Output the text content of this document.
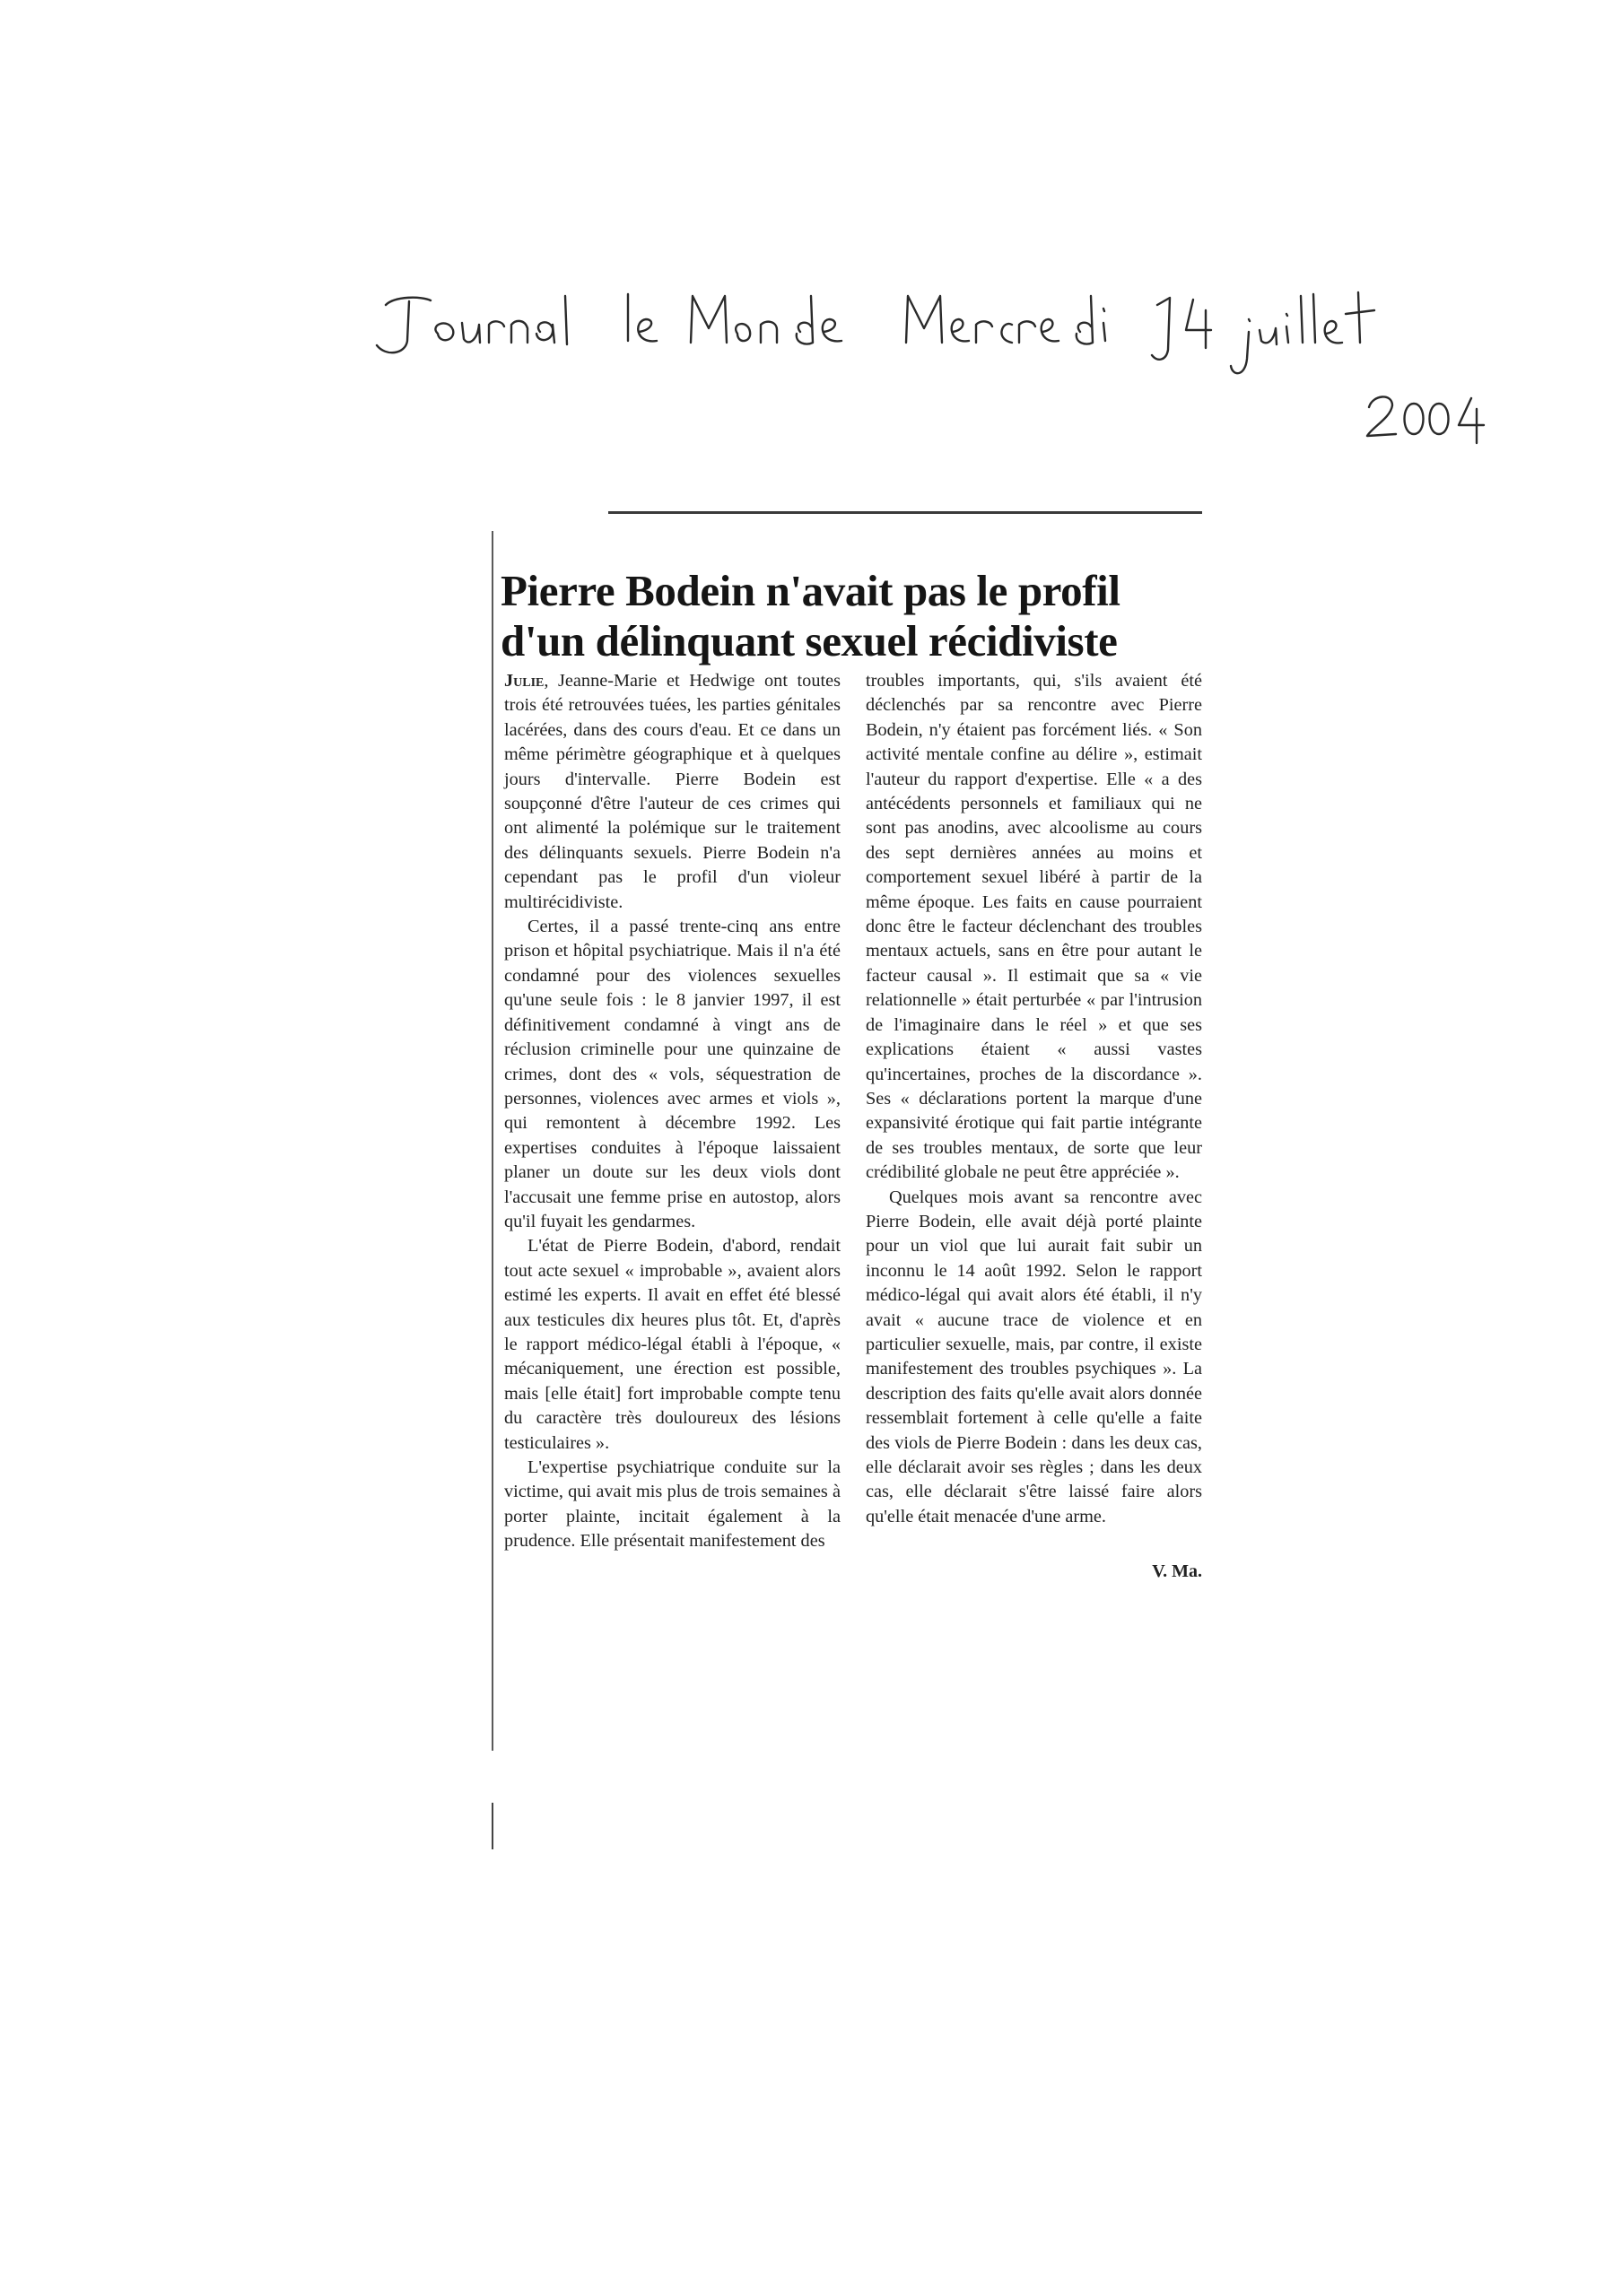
Pierre Bodein n'avait pas le profil d'un délinquant sexuel récidiviste

Julie, Jeanne-Marie et Hedwige ont toutes trois été retrouvées tuées, les parties génitales lacérées, dans des cours d'eau. Et ce dans un même périmètre géographique et à quelques jours d'intervalle. Pierre Bodein est soupçonné d'être l'auteur de ces crimes qui ont alimenté la polémique sur le traitement des délinquants sexuels. Pierre Bodein n'a cependant pas le profil d'un violeur multirécidiviste.

Certes, il a passé trente-cinq ans entre prison et hôpital psychiatrique. Mais il n'a été condamné pour des violences sexuelles qu'une seule fois : le 8 janvier 1997, il est définitivement condamné à vingt ans de réclusion criminelle pour une quinzaine de crimes, dont des « vols, séquestration de personnes, violences avec armes et viols », qui remontent à décembre 1992. Les expertises conduites à l'époque laissaient planer un doute sur les deux viols dont l'accusait une femme prise en autostop, alors qu'il fuyait les gendarmes.

L'état de Pierre Bodein, d'abord, rendait tout acte sexuel « improbable », avaient alors estimé les experts. Il avait en effet été blessé aux testicules dix heures plus tôt. Et, d'après le rapport médico-légal établi à l'époque, « mécaniquement, une érection est possible, mais [elle était] fort improbable compte tenu du caractère très douloureux des lésions testiculaires ».

L'expertise psychiatrique conduite sur la victime, qui avait mis plus de trois semaines à porter plainte, incitait également à la prudence. Elle présentait manifestement des

troubles importants, qui, s'ils avaient été déclenchés par sa rencontre avec Pierre Bodein, n'y étaient pas forcément liés. « Son activité mentale confine au délire », estimait l'auteur du rapport d'expertise. Elle « a des antécédents personnels et familiaux qui ne sont pas anodins, avec alcoolisme au cours des sept dernières années au moins et comportement sexuel libéré à partir de la même époque. Les faits en cause pourraient donc être le facteur déclenchant des troubles mentaux actuels, sans en être pour autant le facteur causal ». Il estimait que sa « vie relationnelle » était perturbée « par l'intrusion de l'imaginaire dans le réel » et que ses explications étaient « aussi vastes qu'incertaines, proches de la discordance ». Ses « déclarations portent la marque d'une expansivité érotique qui fait partie intégrante de ses troubles mentaux, de sorte que leur crédibilité globale ne peut être appréciée ».

Quelques mois avant sa rencontre avec Pierre Bodein, elle avait déjà porté plainte pour un viol que lui aurait fait subir un inconnu le 14 août 1992. Selon le rapport médico-légal qui avait alors été établi, il n'y avait « aucune trace de violence et en particulier sexuelle, mais, par contre, il existe manifestement des troubles psychiques ». La description des faits qu'elle avait alors donnée ressemblait fortement à celle qu'elle a faite des viols de Pierre Bodein : dans les deux cas, elle déclarait avoir ses règles ; dans les deux cas, elle déclarait s'être laissé faire alors qu'elle était menacée d'une arme.

V. Ma.
